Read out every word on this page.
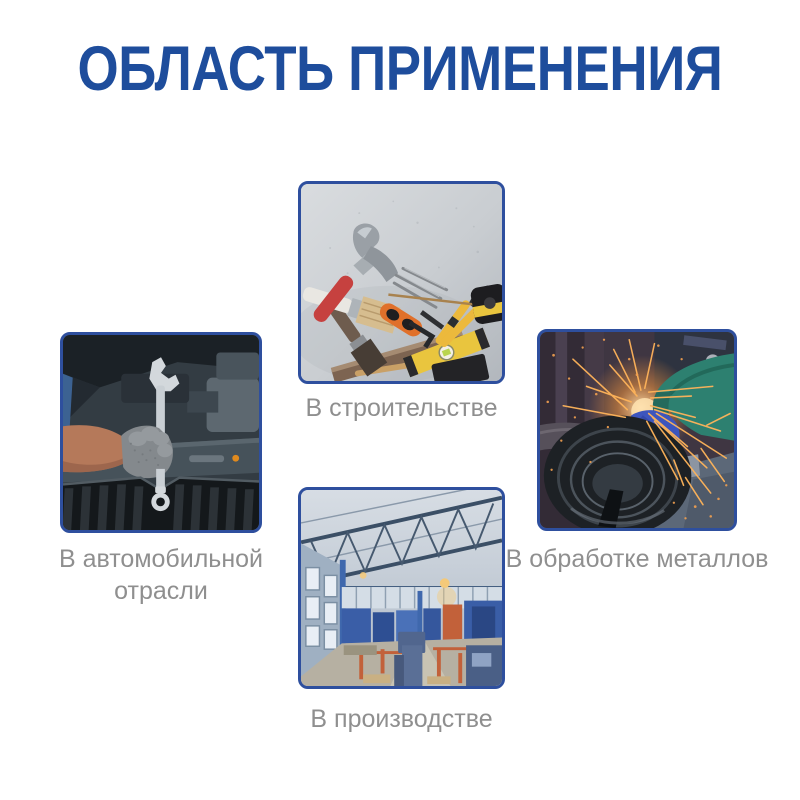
ОБЛАСТЬ ПРИМЕНЕНИЯ
В строительстве
В автомобильной отрасли
В обработке металлов
В производстве
